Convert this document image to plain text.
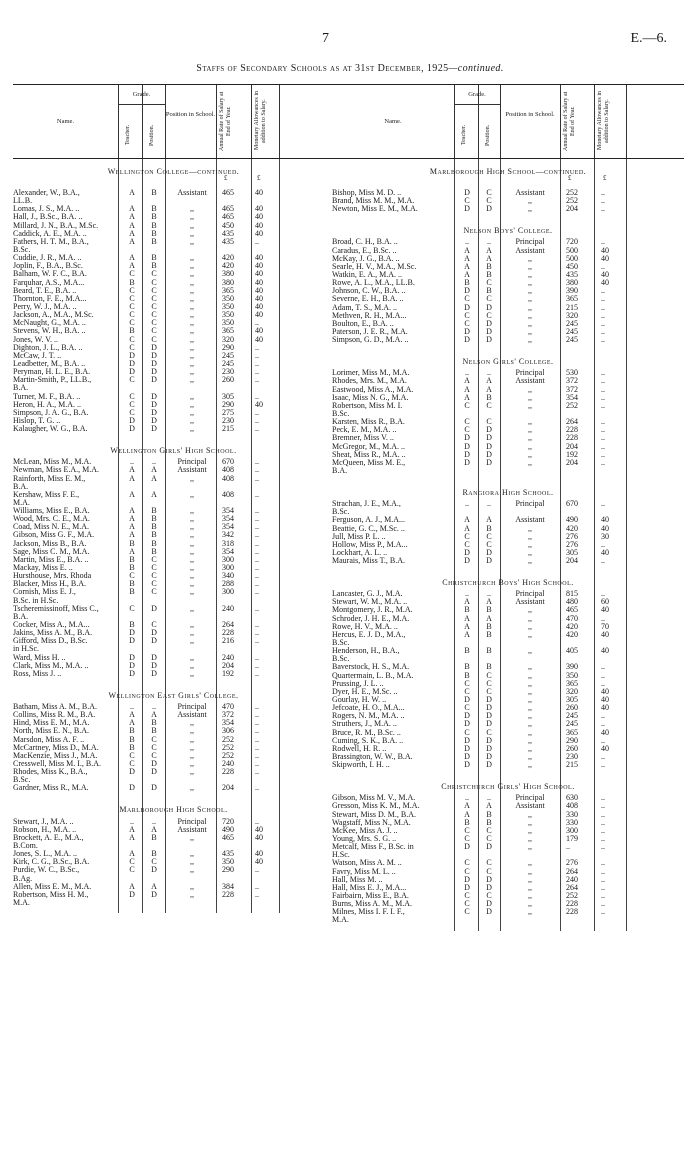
7	E.—6.
Staffs of Secondary Schools as at 31st December, 1925—continued.
Name.
Grade.
Teacher.	Position.
Position in School. Annual Rate of Salary at End of Year.	Monetary Allowances in addition to Salary.
Wellington College—continued.
£	£
Alexander, W., B.A.,	A	B	Assistant	465	40
LL.B.
Lomas, J. S., M.A. ..	A	B	,,	465	40
Hall, J., B.Sc., B.A. ..	A	B	,,	465	40
Millard, J. N., B.A., M.Sc.	A	B	,,	450	40
Caddick, A. E., M.A. ..	A	B	,,	435	40
Fathers, H. T. M., B.A.,	A	B	,,	435	..
B.Sc.
Cuddie, J. R., M.A. ..	A	B	,,	420	40
Joplin, F., B.A., B.Sc.	A	B	,,	420	40
Balham, W. F. C., B.A.	C	C	,,	380	40
Farquhar, A.S., M.A...	B	C	,,	380	40
Beard, T. E., B.A. ..	C	C	,,	365	40
Thornton, F. E., M.A...	C	C	,,	350	40
Perry, W. J., M.A. ..	C	C	,,	350	40
Jackson, A., M.A., M.Sc.	C	C	,,	350	40
McNaught, G., M.A. ..	C	C	,,	350	..
Stevens, W. H., B.A. ..	B	C	,,	365	40
Jones, W. V. ..	C	C	,,	320	40
Dighton, J. L., B.A. ..	C	D	,,	290	..
McCaw, J. T. ..	D	D	,,	245	..
Leadbetter, M., B.A. ..	D	D	,,	245	..
Peryman, H. L. E., B.A.	D	D	,,	230	..
Martin-Smith, P., LL.B.,	C	D	,,	260	..
B.A.
Turner, M. F., B.A. ..	C	D	,,	305	..
Heron, H. A., M.A. ..	C	D	,,	290	40
Simpson, J. A. G., B.A.	C	D	,,	275	..
Hislop, T. G. ..	D	D	,,	230	..
Kalaugher, W. G., B.A.	D	D	,,	215	..
Wellington Girls' High School.
McLean, Miss M., M.A.	..	..	Principal	670	..
Newman, Miss E.A., M.A.	A	A	Assistant	408	..
Rainforth, Miss E. M.,	A	A	,,	408	..
B.A.
Kershaw, Miss F. E.,	A	A	,,	408	..
M.A.
Williams, Miss E., B.A.	A	B	,,	354	..
Wood, Mrs. C. E., M.A.	A	B	,,	354	..
Coad, Miss N. E., M.A.	A	B	,,	354	..
Gibson, Miss G. F., M.A.	A	B	,,	342	..
Jackson, Miss B., B.A.	B	B	,,	318	..
Sage, Miss C. M., M.A.	A	B	,,	354	..
Martin, Miss E., B.A. ..	B	C	,,	300	..
Mackay, Miss E. ..	B	C	,,	300	..
Hursthouse, Mrs. Rhoda	C	C	,,	340	..
Blacker, Miss H., B.A.	B	C	,,	288	..
Cornish, Miss E. J.,	B	C	,,	300	..
B.Sc. in H.Sc.
Tscheremissinoff, Miss C.,	C	D	,,	240	..
B.A.
Cocker, Miss A., M.A...	B	C	,,	264	..
Jakins, Miss A. M., B.A.	D	D	,,	228	..
Gifford, Miss D., B.Sc.	D	D	,,	216	..
in H.Sc.
Ward, Miss H. ..	D	D	,,	240	..
Clark, Miss M., M.A. ..	D	D	,,	204	..
Ross, Miss J. ..	D	D	,,	192	..
Wellington East Girls' College.
Batham, Miss A. M., B.A.	..	..	Principal	470	..
Collins, Miss R. M., B.A.	A	A	Assistant	372	..
Hind, Miss E. M., M.A.	A	B	,,	354	..
North, Miss E. N., B.A.	B	B	,,	306	..
Marsdon, Miss A. F. ..	B	C	,,	252	..
McCartney, Miss D., M.A.	B	C	,,	252	..
MacKenzie, Miss J., M.A.	C	C	,,	252	..
Cresswell, Miss M. I., B.A.	C	D	,,	240	..
Rhodes, Miss K., B.A.,	D	D	,,	228	..
B.Sc.
Gardner, Miss R., M.A.	D	D	,,	204	..
Marlborough High School.
Stewart, J., M.A. ..	..	..	Principal	720	..
Robson, H., M.A. ..	A	A	Assistant	490	40
Brockett, A. E., M.A.,	A	B	,,	465	40
B.Com.
Jones, S. L., M.A. ..	A	B	,,	435	40
Kirk, C. G., B.Sc., B.A.	C	C	,,	350	40
Purdie, W. C., B.Sc.,	C	D	,,	290	..
B.Ag.
Allen, Miss E. M., M.A.	A	A	,,	384	..
Robertson, Miss H. M.,	D	D	,,	228	..
M.A.
Name.
Grade.
Teacher.	Position.
Position in School.	Annual Rate of Salary at End of Year.	Monetary Allowances in addition to Salary.
Marlborough High School—continued.
£	£
Bishop, Miss M. D. ..	D	C	Assistant	252	..
Brand, Miss M. M., M.A.	C	C	,,	252	..
Newton, Miss E. M., M.A.	D	D	,,	204	..
Nelson Boys' College.
Broad, C. H., B.A. ..	..	..	Principal	720	..
Caradus, E., B.Sc. ..	A	A	Assistant	500	40
McKay, J. G., B.A. ..	A	A	,,	500	40
Searle, H. V., M.A., M.Sc.	A	B	,,	450	..
Watkin, E. A., M.A. ..	A	B	,,	435	40
Rowe, A. L., M.A., LL.B.	B	C	,,	380	40
Johnson, C. W., B.A. ..	D	B	,,	390	..
Severne, E. H., B.A. ..	C	C	,,	365	..
Adam, T. S., M.A. ..	D	D	,,	215	..
Methven, R. H., M.A...	C	C	,,	320	..
Boulton, E., B.A. ..	C	D	,,	245	..
Paterson, J. E. R., M.A.	D	D	,,	245	..
Simpson, G. D., M.A. ..	D	D	,,	245	..
Nelson Girls' College.
Lorimer, Miss M., M.A.	..	..	Principal	530	..
Rhodes, Mrs. M., M.A.	A	A	Assistant	372	..
Eastwood, Miss A., M.A.	A	A	,,	372	..
Isaac, Miss N. G., M.A.	A	B	,,	354	..
Robertson, Miss M. I.	C	C	,,	252	..
B.Sc.
Karsten, Miss R., B.A.	C	C	,,	264	..
Peck, E. M., M.A. ..	C	D	,,	228	..
Bremner, Miss V. ..	D	D	,,	228	..
McGregor, M., M.A. ..	D	D	,,	204	..
Sheat, Miss R., M.A. ..	D	D	,,	192	..
McQueen, Miss M. E.,	D	D	,,	204	..
B.A.
Rangiora High School.
Strachan, J. E., M.A.,	..	..	Principal	670	..
B.Sc.
Ferguson, A. J., M.A...	A	A	Assistant	490	40
Beattie, G. C., M.Sc. ..	A	B	,,	420	40
Jull, Miss P. L. ..	C	C	,,	276	30
Hollow, Miss P., M.A...	C	C	,,	276	..
Lockhart, A. L. ..	D	D	,,	305	40
Maurais, Miss T., B.A.	D	D	,,	204	..
Christchurch Boys' High School.
Lancaster, G. J., M.A.	..	..	Principal	815	..
Stewart, W. M., M.A. ..	A	A	Assistant	480	60
Montgomery, J. R., M.A.	B	B	,,	465	40
Schroder, J. H. E., M.A.	A	A	,,	470	..
Rowe, H. V., M.A. ..	A	B	,,	420	70
Hercus, E. J. D., M.A.,	A	B	,,	420	40
B.Sc.
Henderson, H., B.A.,	B	B	,,	405	40
B.Sc.
Baverstock, H. S., M.A.	B	B	,,	390	..
Quartermain, L. B., M.A.	B	C	,,	350	..
Prussing, J. L. ..	C	C	,,	365	..
Dyer, H. E., M.Sc. ..	C	C	,,	320	40
Gourlay, H. W. ..	D	D	,,	305	40
Jefcoate, H. O., M.A...	C	D	,,	260	40
Rogers, N. M., M.A. ..	D	D	,,	245	..
Struthers, J., M.A. ..	D	D	,,	245	..
Bruce, R. M., B.Sc. ..	C	C	,,	365	40
Cuming, S. K., B.A. ..	D	D	,,	290	..
Rodwell, H. R. ..	D	D	,,	260	40
Brassington, W. W., B.A.	D	D	,,	230	..
Skipworth, I. H. ..	D	D	,,	215	..
Christchurch Girls' High School.
Gibson, Miss M. V., M.A.	..	..	Principal	630	..
Gresson, Miss K. M., M.A.	A	A	Assistant	408	..
Stewart, Miss D. M., B.A.	A	B	,,	330	..
Wagstaff, Miss N., M.A.	B	B	,,	330	..
McKee, Miss A. J. ..	C	C	,,	300	..
Young, Mrs. S. G. ..	C	C	,,	179	..
Metcalf, Miss F., B.Sc. in	D	D	,,	..	..
H.Sc.
Watson, Miss A. M. ..	C	C	,,	276	..
Favry, Miss M. L. ..	C	C	,,	264	..
Hall, Miss M. ..	D	D	,,	240	..
Hall, Miss E. J., M.A...	D	D	,,	264	..
Fairbairn, Miss E., B.A.	C	C	,,	252	..
Burns, Miss A. M., M.A.	C	D	,,	228	..
Milnes, Miss I. F. I. F.,	C	D	,,	228	..
M.A.
